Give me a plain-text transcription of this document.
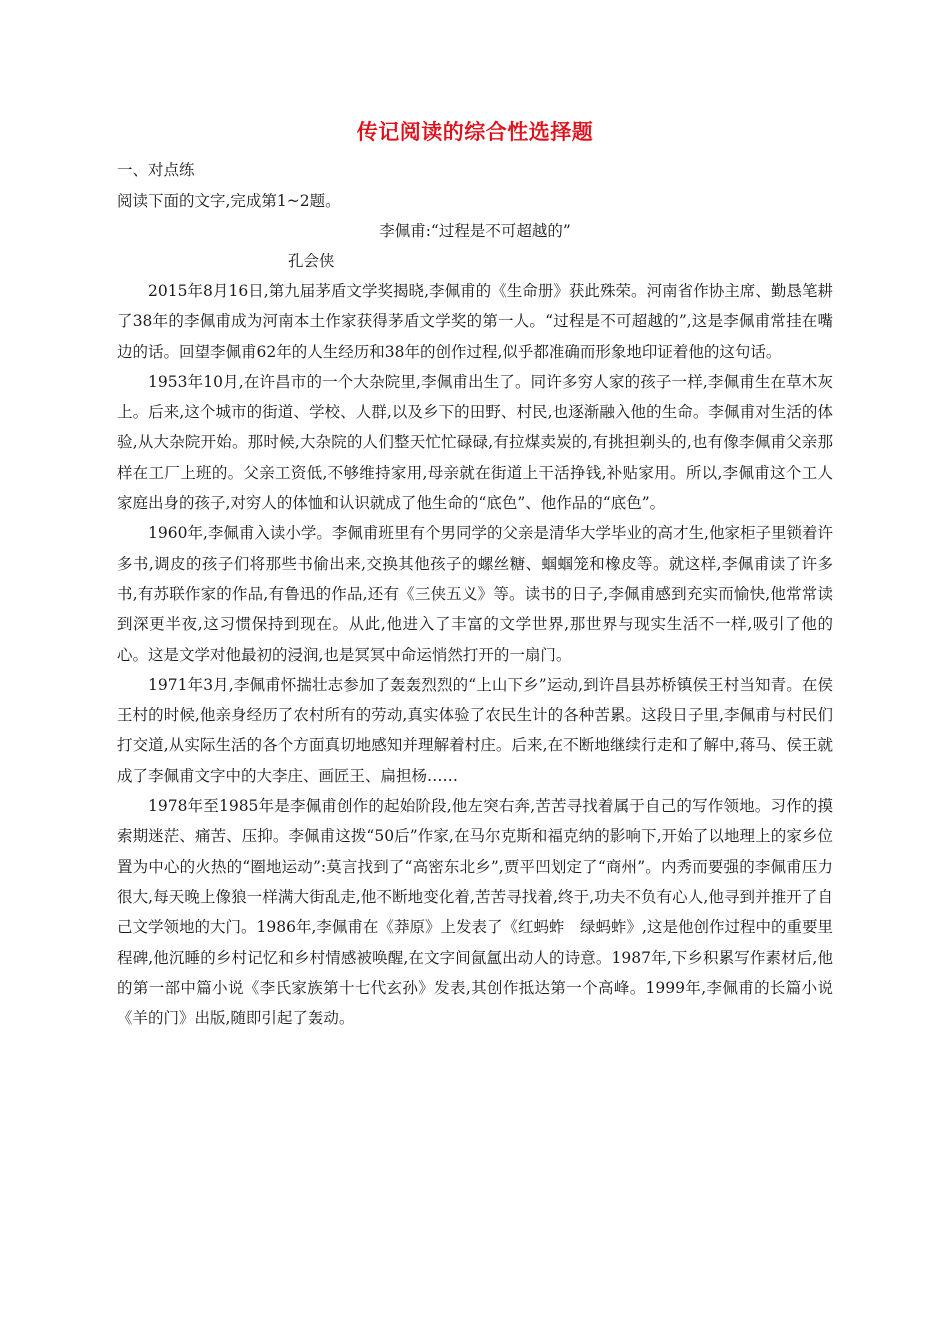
传记阅读的综合性选择题
一、对点练
阅读下面的文字,完成第1~2题。
李佩甫:“过程是不可超越的”
孔会侠

2015年8月16日,第九届茅盾文学奖揭晓,李佩甫的《生命册》获此殊荣。河南省作协主席、勤恳笔耕了38年的李佩甫成为河南本土作家获得茅盾文学奖的第一人。“过程是不可超越的”,这是李佩甫常挂在嘴边的话。回望李佩甫62年的人生经历和38年的创作过程,似乎都准确而形象地印证着他的这句话。

1953年10月,在许昌市的一个大杂院里,李佩甫出生了。同许多穷人家的孩子一样,李佩甫生在草木灰上。后来,这个城市的街道、学校、人群,以及乡下的田野、村民,也逐渐融入他的生命。李佩甫对生活的体验,从大杂院开始。那时候,大杂院的人们整天忙忙碌碌,有拉煤卖炭的,有挑担剃头的,也有像李佩甫父亲那样在工厂上班的。父亲工资低,不够维持家用,母亲就在街道上干活挣钱,补贴家用。所以,李佩甫这个工人家庭出身的孩子,对穷人的体恤和认识就成了他生命的“底色”、他作品的“底色”。

1960年,李佩甫入读小学。李佩甫班里有个男同学的父亲是清华大学毕业的高才生,他家柜子里锁着许多书,调皮的孩子们将那些书偷出来,交换其他孩子的螺丝糖、蝈蝈笼和橡皮等。就这样,李佩甫读了许多书,有苏联作家的作品,有鲁迅的作品,还有《三侠五义》等。读书的日子,李佩甫感到充实而愉快,他常常读到深更半夜,这习惯保持到现在。从此,他进入了丰富的文学世界,那世界与现实生活不一样,吸引了他的心。这是文学对他最初的浸润,也是冥冥中命运悄然打开的一扇门。

1971年3月,李佩甫怀揣壮志参加了轰轰烈烈的“上山下乡”运动,到许昌县苏桥镇侯王村当知青。在侯王村的时候,他亲身经历了农村所有的劳动,真实体验了农民生计的各种苦累。这段日子里,李佩甫与村民们打交道,从实际生活的各个方面真切地感知并理解着村庄。后来,在不断地继续行走和了解中,蒋马、侯王就成了李佩甫文字中的大李庄、画匠王、扁担杨……

1978年至1985年是李佩甫创作的起始阶段,他左突右奔,苦苦寻找着属于自己的写作领地。习作的摸索期迷茫、痛苦、压抑。李佩甫这拨“50后”作家,在马尔克斯和福克纳的影响下,开始了以地理上的家乡位置为中心的火热的“圈地运动”:莫言找到了“高密东北乡”,贾平凹划定了“商州”。内秀而要强的李佩甫压力很大,每天晚上像狼一样满大街乱走,他不断地变化着,苦苦寻找着,终于,功夫不负有心人,他寻到并推开了自己文学领地的大门。1986年,李佩甫在《莽原》上发表了《红蚂蚱　绿蚂蚱》,这是他创作过程中的重要里程碑,他沉睡的乡村记忆和乡村情感被唤醒,在文字间氤氲出动人的诗意。1987年,下乡积累写作素材后,他的第一部中篇小说《李氏家族第十七代玄孙》发表,其创作抵达第一个高峰。1999年,李佩甫的长篇小说《羊的门》出版,随即引起了轰动。
